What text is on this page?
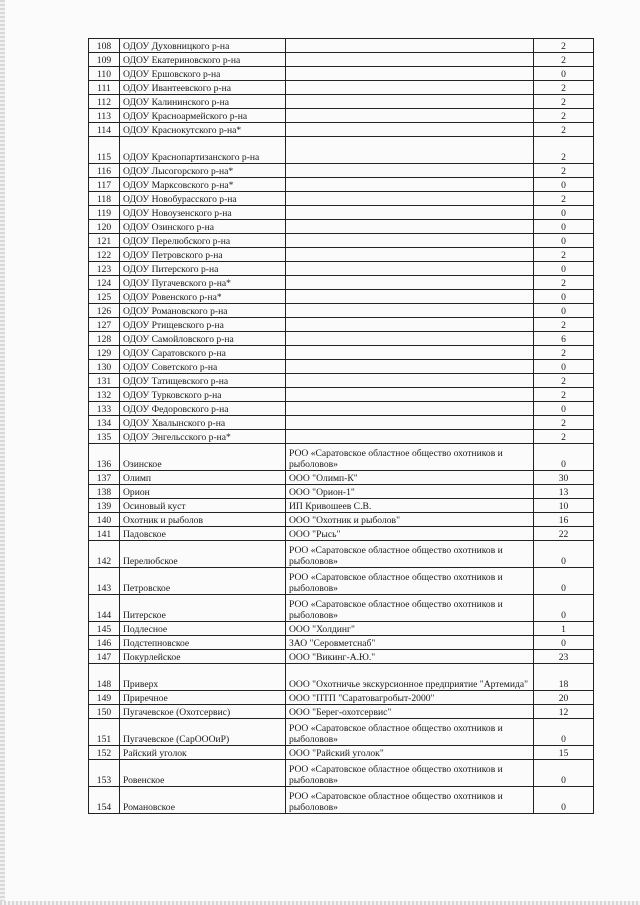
108	ОДОУ Духовницкого р-на		2
109	ОДОУ Екатериновского р-на		2
110	ОДОУ Ершовского р-на		0
111	ОДОУ Ивантеевского р-на		2
112	ОДОУ Калининского р-на		2
113	ОДОУ Красноармейского р-на		2
114	ОДОУ Краснокутского р-на*		2
115	ОДОУ Краснопартизанского р-на		2
116	ОДОУ Лысогорского р-на*		2
117	ОДОУ Марксовского р-на*		0
118	ОДОУ Новобурасского р-на		2
119	ОДОУ Новоузенского р-на		0
120	ОДОУ Озинского р-на		0
121	ОДОУ Перелюбского р-на		0
122	ОДОУ Петровского р-на		2
123	ОДОУ Питерского р-на		0
124	ОДОУ Пугачевского р-на*		2
125	ОДОУ Ровенского р-на*		0
126	ОДОУ Романовского р-на		0
127	ОДОУ Ртищевского р-на		2
128	ОДОУ Самойловского р-на		6
129	ОДОУ Саратовского р-на		2
130	ОДОУ Советского р-на		0
131	ОДОУ Татищевского р-на		2
132	ОДОУ Турковского р-на		2
133	ОДОУ Федоровского р-на		0
134	ОДОУ Хвалынского р-на		2
135	ОДОУ Энгельсского р-на*		2
136	Озинское	РОО «Саратовское областное общество охотников и рыболовов»	0
137	Олимп	ООО "Олимп-К"	30
138	Орион	ООО "Орион-1"	13
139	Осиновый куст	ИП Кривошеев С.В.	10
140	Охотник и рыболов	ООО "Охотник и рыболов"	16
141	Падовское	ООО "Рысь"	22
142	Перелюбское	РОО «Саратовское областное общество охотников и рыболовов»	0
143	Петровское	РОО «Саратовское областное общество охотников и рыболовов»	0
144	Питерское	РОО «Саратовское областное общество охотников и рыболовов»	0
145	Подлесное	ООО "Холдинг"	1
146	Подстепновское	ЗАО "Серовметснаб"	0
147	Покурлейское	ООО "Викинг-А.Ю."	23
148	Приверх	ООО "Охотничье экскурсионное предприятие "Артемида"	18
149	Приречное	ООО "ПТП "Саратовагробыт-2000"	20
150	Пугачевское (Охотсервис)	ООО "Берег-охотсервис"	12
151	Пугачевское (СарОООиР)	РОО «Саратовское областное общество охотников и рыболовов»	0
152	Райский уголок	ООО "Райский уголок"	15
153	Ровенское	РОО «Саратовское областное общество охотников и рыболовов»	0
154	Романовское	РОО «Саратовское областное общество охотников и рыболовов»	0
